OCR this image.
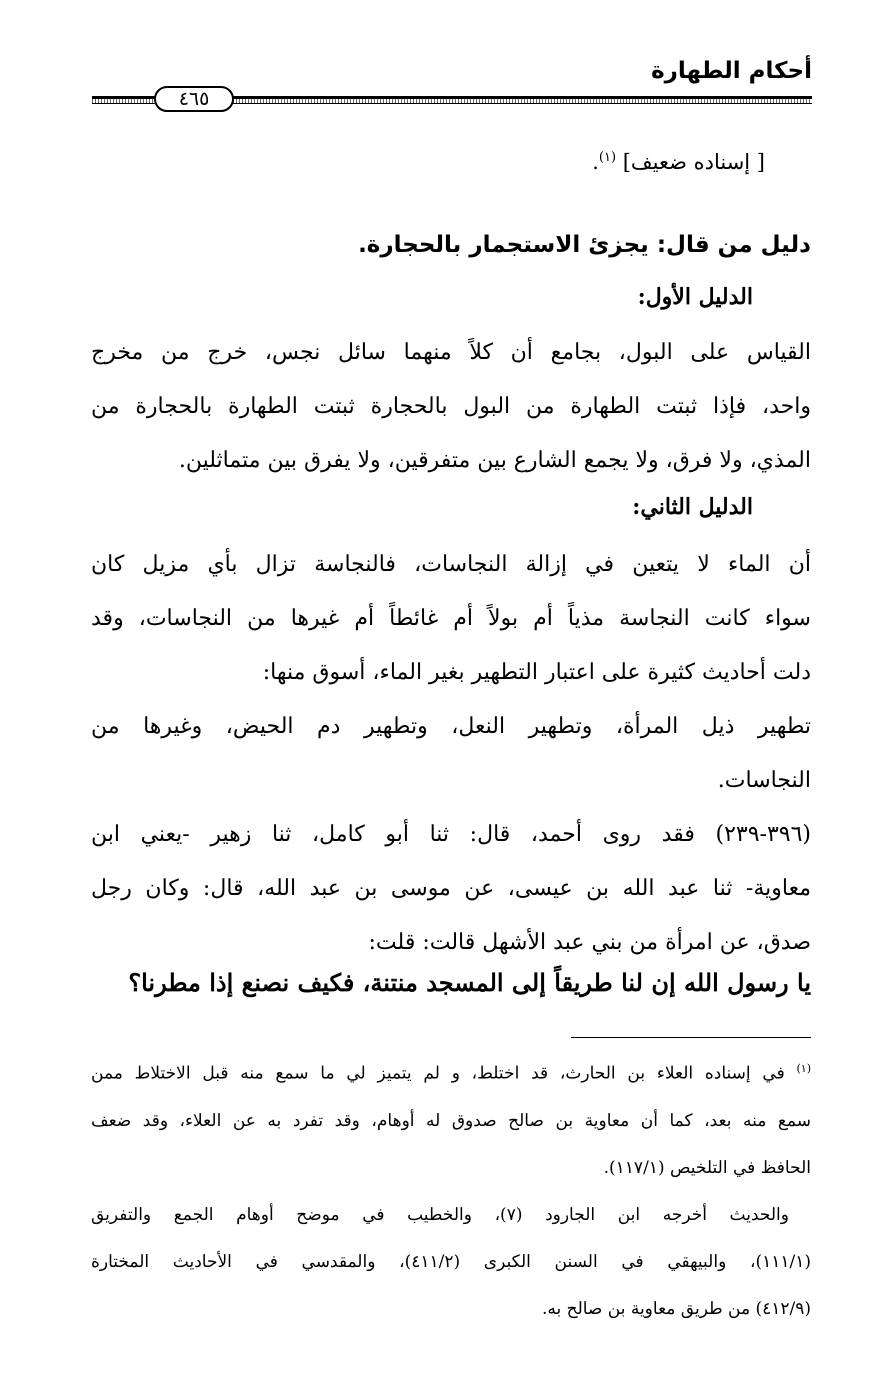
أحكام الطهارة
٤٦٥
[ إسناده ضعيف] $^{(١)}$.
دليل من قال: يجزئ الاستجمار بالحجارة.
الدليل الأول:
القياس على البول، بجامع أن كلاً منهما سائل نجس، خرج من مخرج
واحد، فإذا ثبتت الطهارة من البول بالحجارة ثبتت الطهارة بالحجارة من
المذي، ولا فرق، ولا يجمع الشارع بين متفرقين، ولا يفرق بين متماثلين.
الدليل الثاني:
أن الماء لا يتعين في إزالة النجاسات، فالنجاسة تزال بأي مزيل كان
سواء كانت النجاسة مذياً أم بولاً أم غائطاً أم غيرها من النجاسات، وقد
دلت أحاديث كثيرة على اعتبار التطهير بغير الماء، أسوق منها:
تطهير ذيل المرأة، وتطهير النعل، وتطهير دم الحيض، وغيرها من
النجاسات.
(٣٩٦-٢٣٩) فقد روى أحمد، قال: ثنا أبو كامل، ثنا زهير -يعني ابن
معاوية- ثنا عبد الله بن عيسى، عن موسى بن عبد الله، قال: وكان رجل
صدق، عن امرأة من بني عبد الأشهل قالت: قلت:
يا رسول الله إن لنا طريقاً إلى المسجد منتنة، فكيف نصنع إذا مطرنا؟
$^{(١)}$ في إسناده العلاء بن الحارث، قد اختلط، و لم يتميز لي ما سمع منه قبل الاختلاط ممن
سمع منه بعد، كما أن معاوية بن صالح صدوق له أوهام، وقد تفرد به عن العلاء، وقد ضعف
الحافظ في التلخيص (١١٧/١).
والحديث أخرجه ابن الجارود (٧)، والخطيب في موضح أوهام الجمع والتفريق
(١١١/١)، والبيهقي في السنن الكبرى (٤١١/٢)، والمقدسي في الأحاديث المختارة
(٤١٢/٩) من طريق معاوية بن صالح به.
